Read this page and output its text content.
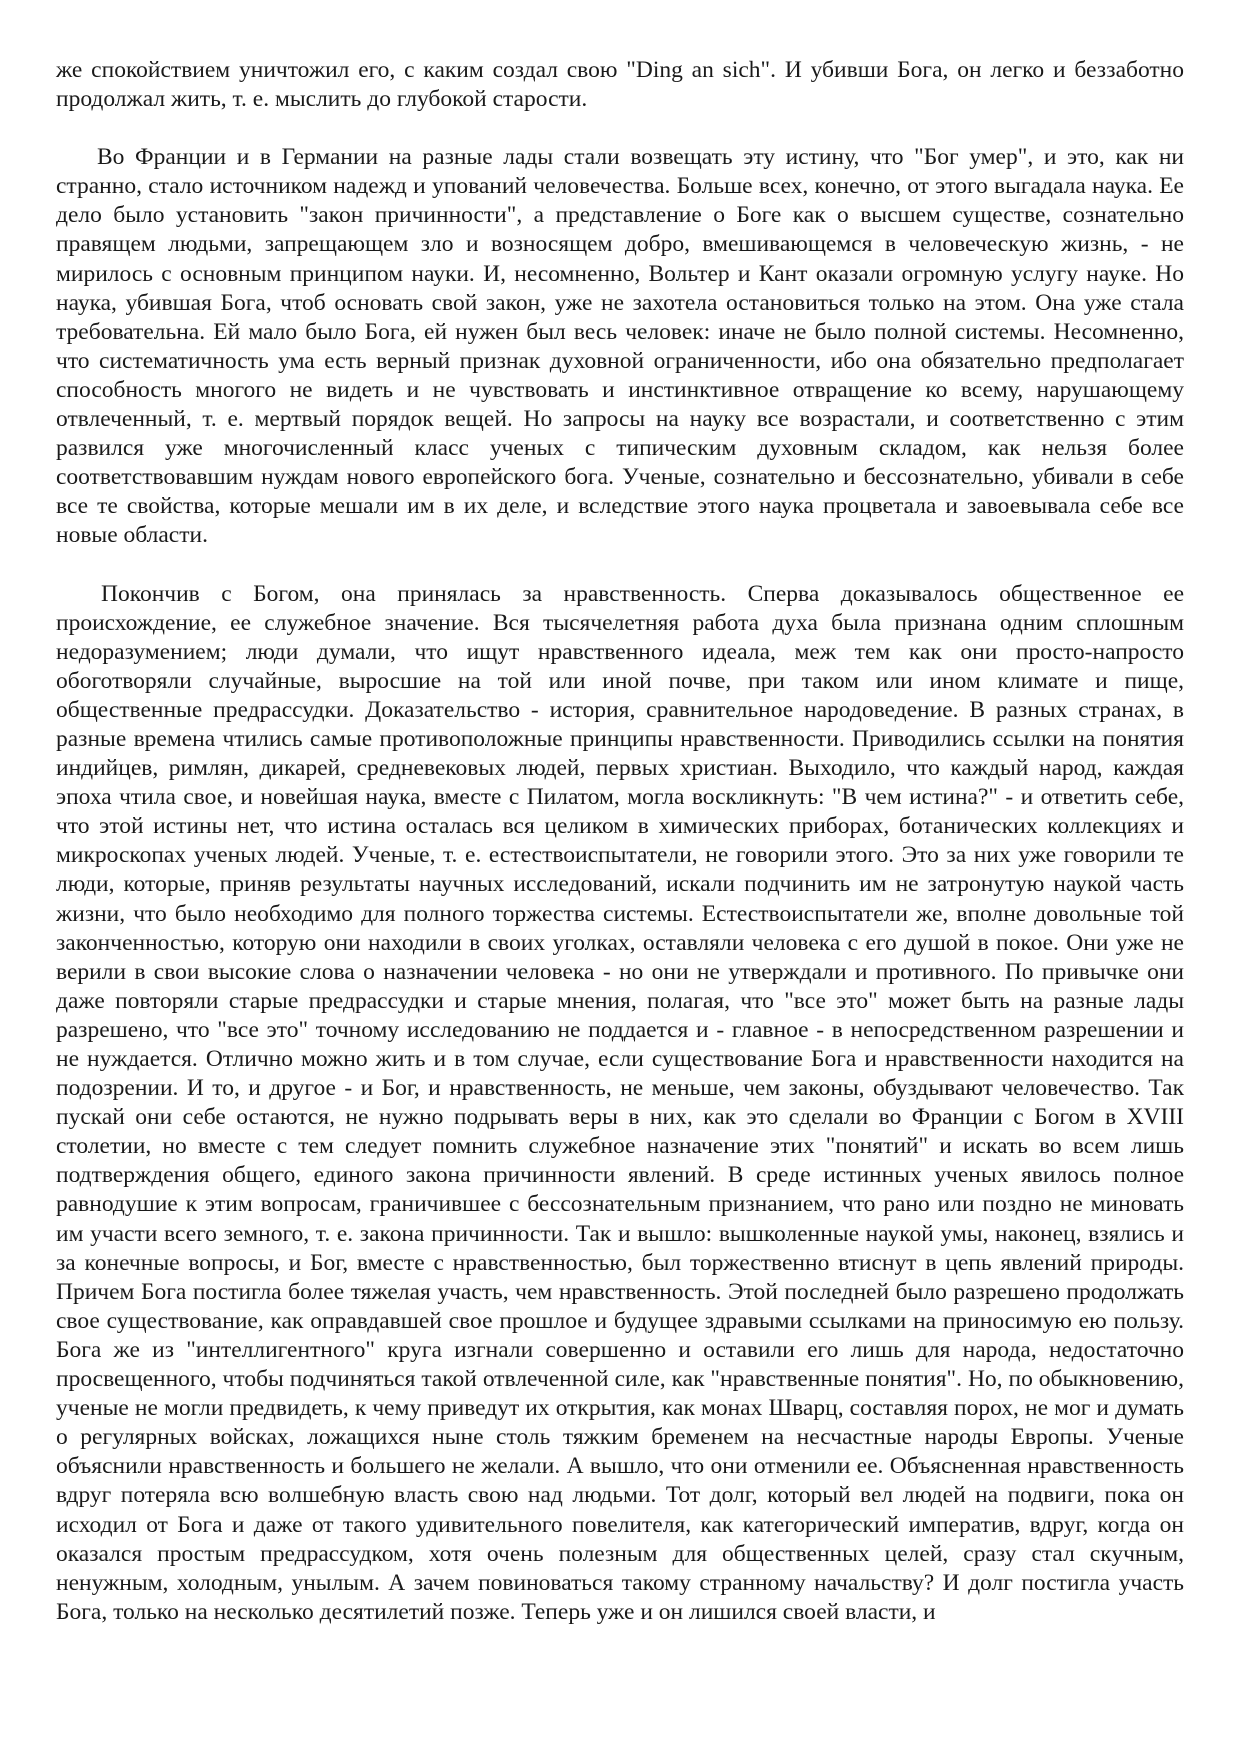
же спокойствием уничтожил его, с каким создал свою "Ding an sich". И убивши Бога, он легко и беззаботно продолжал жить, т. е. мыслить до глубокой старости.

Во Франции и в Германии на разные лады стали возвещать эту истину, что "Бог умер", и это, как ни странно, стало источником надежд и упований человечества. Больше всех, конечно, от этого выгадала наука. Ее дело было установить "закон причинности", а представление о Боге как о высшем существе, сознательно правящем людьми, запрещающем зло и возносящем добро, вмешивающемся в человеческую жизнь, - не мирилось с основным принципом науки. И, несомненно, Вольтер и Кант оказали огромную услугу науке. Но наука, убившая Бога, чтоб основать свой закон, уже не захотела остановиться только на этом. Она уже стала требовательна. Ей мало было Бога, ей нужен был весь человек: иначе не было полной системы. Несомненно, что систематичность ума есть верный признак духовной ограниченности, ибо она обязательно предполагает способность многого не видеть и не чувствовать и инстинктивное отвращение ко всему, нарушающему отвлеченный, т. е. мертвый порядок вещей. Но запросы на науку все возрастали, и соответственно с этим развился уже многочисленный класс ученых с типическим духовным складом, как нельзя более соответствовавшим нуждам нового европейского бога. Ученые, сознательно и бессознательно, убивали в себе все те свойства, которые мешали им в их деле, и вследствие этого наука процветала и завоевывала себе все новые области.

Покончив с Богом, она принялась за нравственность. Сперва доказывалось общественное ее происхождение, ее служебное значение. Вся тысячелетняя работа духа была признана одним сплошным недоразумением; люди думали, что ищут нравственного идеала, меж тем как они просто-напросто обоготворяли случайные, выросшие на той или иной почве, при таком или ином климате и пище, общественные предрассудки. Доказательство - история, сравнительное народоведение. В разных странах, в разные времена чтились самые противоположные принципы нравственности. Приводились ссылки на понятия индийцев, римлян, дикарей, средневековых людей, первых христиан. Выходило, что каждый народ, каждая эпоха чтила свое, и новейшая наука, вместе с Пилатом, могла воскликнуть: "В чем истина?" - и ответить себе, что этой истины нет, что истина осталась вся целиком в химических приборах, ботанических коллекциях и микроскопах ученых людей. Ученые, т. е. естествоиспытатели, не говорили этого. Это за них уже говорили те люди, которые, приняв результаты научных исследований, искали подчинить им не затронутую наукой часть жизни, что было необходимо для полного торжества системы. Естествоиспытатели же, вполне довольные той законченностью, которую они находили в своих уголках, оставляли человека с его душой в покое. Они уже не верили в свои высокие слова о назначении человека - но они не утверждали и противного. По привычке они даже повторяли старые предрассудки и старые мнения, полагая, что "все это" может быть на разные лады разрешено, что "все это" точному исследованию не поддается и - главное - в непосредственном разрешении и не нуждается. Отлично можно жить и в том случае, если существование Бога и нравственности находится на подозрении. И то, и другое - и Бог, и нравственность, не меньше, чем законы, обуздывают человечество. Так пускай они себе остаются, не нужно подрывать веры в них, как это сделали во Франции с Богом в XVIII столетии, но вместе с тем следует помнить служебное назначение этих "понятий" и искать во всем лишь подтверждения общего, единого закона причинности явлений. В среде истинных ученых явилось полное равнодушие к этим вопросам, граничившее с бессознательным признанием, что рано или поздно не миновать им участи всего земного, т. е. закона причинности. Так и вышло: вышколенные наукой умы, наконец, взялись и за конечные вопросы, и Бог, вместе с нравственностью, был торжественно втиснут в цепь явлений природы. Причем Бога постигла более тяжелая участь, чем нравственность. Этой последней было разрешено продолжать свое существование, как оправдавшей свое прошлое и будущее здравыми ссылками на приносимую ею пользу. Бога же из "интеллигентного" круга изгнали совершенно и оставили его лишь для народа, недостаточно просвещенного, чтобы подчиняться такой отвлеченной силе, как "нравственные понятия". Но, по обыкновению, ученые не могли предвидеть, к чему приведут их открытия, как монах Шварц, составляя порох, не мог и думать о регулярных войсках, ложащихся ныне столь тяжким бременем на несчастные народы Европы. Ученые объяснили нравственность и большего не желали. А вышло, что они отменили ее. Объясненная нравственность вдруг потеряла всю волшебную власть свою над людьми. Тот долг, который вел людей на подвиги, пока он исходил от Бога и даже от такого удивительного повелителя, как категорический императив, вдруг, когда он оказался простым предрассудком, хотя очень полезным для общественных целей, сразу стал скучным, ненужным, холодным, унылым. А зачем повиноваться такому странному начальству? И долг постигла участь Бога, только на несколько десятилетий позже. Теперь уже и он лишился своей власти, и
